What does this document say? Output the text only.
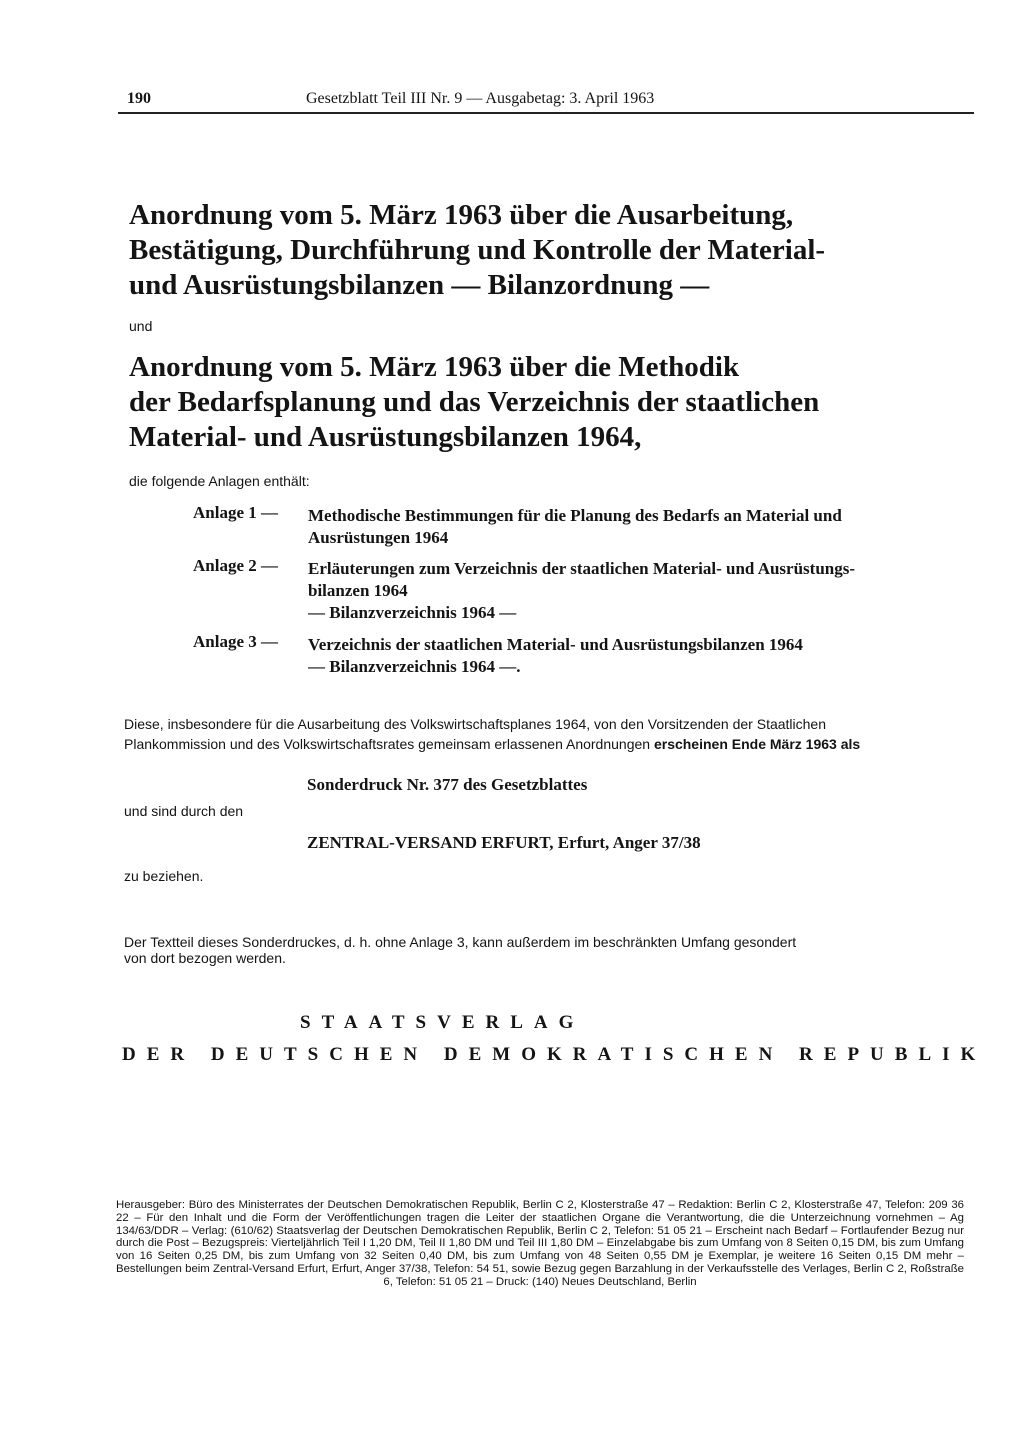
190	Gesetzblatt Teil III Nr. 9 — Ausgabetag: 3. April 1963
Anordnung vom 5. März 1963 über die Ausarbeitung,
Bestätigung, Durchführung und Kontrolle der Material-
und Ausrüstungsbilanzen — Bilanzordnung —
und
Anordnung vom 5. März 1963 über die Methodik
der Bedarfsplanung und das Verzeichnis der staatlichen
Material- und Ausrüstungsbilanzen 1964,
die folgende Anlagen enthält:
Anlage 1 — Methodische Bestimmungen für die Planung des Bedarfs an Material und
Ausrüstungen 1964
Anlage 2 — Erläuterungen zum Verzeichnis der staatlichen Material- und Ausrüstungs-
bilanzen 1964
— Bilanzverzeichnis 1964 —
Anlage 3 — Verzeichnis der staatlichen Material- und Ausrüstungsbilanzen 1964
— Bilanzverzeichnis 1964 —.
Diese, insbesondere für die Ausarbeitung des Volkswirtschaftsplanes 1964, von den Vorsitzenden der Staatlichen
Plankommission und des Volkswirtschaftsrates gemeinsam erlassenen Anordnungen erscheinen Ende März 1963 als
Sonderdruck Nr. 377 des Gesetzblattes
und sind durch den
ZENTRAL-VERSAND ERFURT, Erfurt, Anger 37/38
zu beziehen.
Der Textteil dieses Sonderdruckes, d. h. ohne Anlage 3, kann außerdem im beschränkten Umfang gesondert
von dort bezogen werden.
STAATSVERLAG
DER DEUTSCHEN DEMOKRATISCHEN REPUBLIK
Herausgeber: Büro des Ministerrates der Deutschen Demokratischen Republik, Berlin C 2, Klosterstraße 47 – Redaktion: Berlin C 2, Klosterstraße 47, Telefon: 209 36 22 – Für den Inhalt und die Form der Veröffentlichungen tragen die Leiter der staatlichen Organe die Verantwortung, die die Unterzeichnung vornehmen – Ag 134/63/DDR – Verlag: (610/62) Staatsverlag der Deutschen Demokratischen Republik, Berlin C 2, Telefon: 51 05 21 – Erscheint nach Bedarf – Fortlaufender Bezug nur durch die Post – Bezugspreis: Vierteljährlich Teil I 1,20 DM, Teil II 1,80 DM und Teil III 1,80 DM – Einzelabgabe bis zum Umfang von 8 Seiten 0,15 DM, bis zum Umfang von 16 Seiten 0,25 DM, bis zum Umfang von 32 Seiten 0,40 DM, bis zum Umfang von 48 Seiten 0,55 DM je Exemplar, je weitere 16 Seiten 0,15 DM mehr – Bestellungen beim Zentral-Versand Erfurt, Erfurt, Anger 37/38, Telefon: 54 51, sowie Bezug gegen Barzahlung in der Verkaufsstelle des Verlages, Berlin C 2, Roßstraße 6, Telefon: 51 05 21 – Druck: (140) Neues Deutschland, Berlin
